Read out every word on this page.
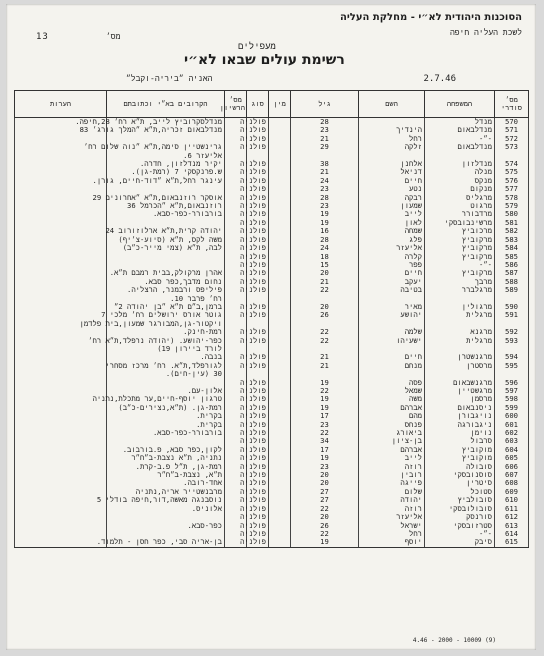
הסוכנות היהודית לא״י - מחלקת העליה
לשכת העליה חיפה
13	מס׳
מעפילים
רשימת עולים שבאו לא״י
2.7.46
האניה ״ביריה-וקבל״
הערות	הקרובים בא״י וכתובתם	מס׳ הרשיון	סוג	מין	גיל	השם	המשפחה	מס׳ סודרי
	מנדלסקרוביץ לייב, ת״א רח׳ 28,חיפה.		פולניה		28		מנדל	570
	מנדלבאום זכריה,ת״א ״המלך גורג׳ 83		פולניה		23	הינדיך	מנדלבאום	571
			פולניה		21	רחל	-״-	572
	גרינשטיין סימה,ת״א ״נוה שלום רח׳		פולניה		29	זלקה	מנדלבאום	573
	אליעזר 6.							
	יקיר מנדלזון, חדרה.		פולניה		38	אלחנן	מנדלזון	574
	ש.פרנקסקי 7 (רמת-גן).		פולניה		21	דניאל	מנלה	575
	עינגר רחל,ת״א ״דוד-חיים, גורן.		פולניה		24	חיים	מנקס	576
			פולניה		23	נטע	מנקום	577
	אוסקר רוזנבאום,ת״א ״אחרונים 29		פולניה		28	רבקה	מרגליס	578
	רוזנבאום,ת״א ״הכרמל 36		פולניה		23	שמעון	מרגוט	579
	בורבורר-כפר-סבא.		פולניה		19	לייב	מרדבורר	580
			פולניה		19	לאון	מרשינבובסקי	581
	יהודה קרית,ת״א ארלוזורוב 24		פולניה		16	שמחה	מרכוביץ	582
	משה לקס, ת״א (סיוע-צ׳יף)		פולניה		28	פלג	מרקוביץ	583
	לבה, ת״א (צמי מייר-כ״ב)		פולניה		24	אליעזר	מרקוביץ	584
			פולניה		18	קלרה	מרקוביץ	585
			פולניה		15	פפר	-״-	586
	אהרן מרקולק,בבית רמבם ת״א.		פולניה		20	חיים	מרקוביץ	587
	נחום מדבך,כפר סבא.		פולניה		21	יעקב	מרבך	588
	פיליפס ורבמנר, הרצליה.		פולניה		22	בטיבה	מרגלברר	589
	רח׳ פרבר 10.							
	ברמן,ב״ם ת״א ״בן יהודה 2״		פולניה		20	מאיר	מרגולין	590
	גוטר אורס ירושלים רח׳ מלכי 7		פולניה		26	יהושע	מרגלית	591
	ויקטור-גן,המבורגר שמעון,בית פלדמן							
	רמת-חינק.		פולניה		22	שלמה	מרגנא	592
	כפר-יהושע. (יהודה נרפלד,ת״א רח׳		פולניה		22	ישעיהו	מרגלית	593
	לורד ביירון 19)							
	בנבה.		פולניה		21	חיים	מרגנשטרן	594
	לגורפלד,ת״א. רח׳ מרכז מסחרי		פולניה		21	מנחם	מרסטרן	595
	30 (עין-חים).							
			פולניה		19	פסה	מרגנשבאום	596
	אלון-עם.		פולניה		22	שמאל	מרגשטיין	597
	טרגון יוסף-חיים,ער מתכלת,נתניה		פולניה		19	משה	מרסמן	598
	רמת-גן. (ת״א,נצירים-כ״ב)		פולניה		19	אברהם	ניסנבאום	599
	בקרית.		פולניה		17	מהם	נויגבורן	600
	בקרית.		פולניה		23	פנחס	ניגבורגה	601
	בורבורר-כפר-סבא.		פולניה		22	ביאורג	נוימן	602
			פולניה		34	בן-ציון	סרבול	603
	לקון,כפר סבא, פ.בורבוב.		פולניה		17	אברהם	מוקוביץ	604
	נתניה, ת״א נצבת-ב״ח״ר		פולניה		19	לייב	מוקוביץ	605
	רמת-גן, ת״ל פ.ב-קרת.		פולניה		23	רוזה	סובולה	606
	ת״א, נצבת-ב״ח״ר		פולניה		20	רובין	סוסנובסקי	607
	אחד-רובה.		פולניה		20	פייגה	סיטרין	608
	מרבנשטייר אריה,נתניה		פולניה		27	שלום	סטוכל	609
	נוסבנגה מאשה,דור,חיפה בודלי 5		פולניה		27	יהודה	סובולביץ	610
	אלוניס.		פולניה		22	רוזה	סובולובסקי	611
			פולניה		20	אליעזר	סורנסק	612
	כפר-סבא.		פולניה		26	ישראל	סטרזובסקי	613
			פולניה		22	רחל	-״-	614
	בן-אריה סבי, כפר חסן - תלמוד.		פולניה		19	יוסף	סיבק	615
4.46 - 2000 - 10009 (9)
